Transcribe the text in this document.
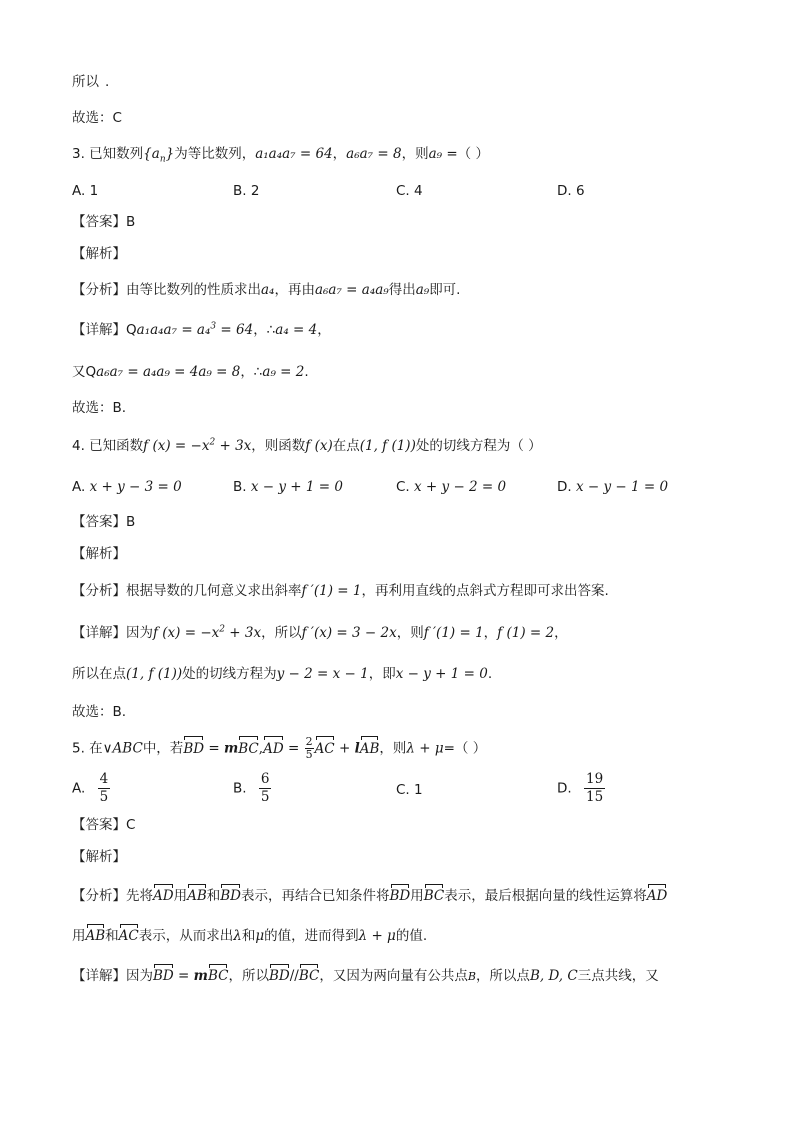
所以 .
故选：C
3. 已知数列$\{a_n\}$为等比数列，a₁a₄a₇ = 64，a₆a₇ = 8，则a₉ =（ ）
A. 1	B. 2	C. 4	D. 6
【答案】B
【解析】
【分析】由等比数列的性质求出a₄，再由a₆a₇ = a₄a₉得出a₉即可.
【详解】Qa₁a₄a₇ = a₄$^3$ = 64，∴a₄ = 4，
又Qa₆a₇ = a₄a₉ = 4a₉ = 8，∴a₉ = 2.
故选：B.
4. 已知函数f $(x) = -x^2 + 3x$，则函数f (x)在点(1, f (1))处的切线方程为（ ）
A. x + y − 3 = 0	B. x − y + 1 = 0	C. x + y − 2 = 0	D. x − y − 1 = 0
【答案】B
【解析】
【分析】根据导数的几何意义求出斜率f ′(1) = 1，再利用直线的点斜式方程即可求出答案.
【详解】因为f $(x) = -x^2 + 3x$，所以f ′(x) = 3 − 2x，则f ′(1) = 1，f (1) = 2，
所以在点(1, f (1))处的切线方程为y − 2 = x − 1，即x − y + 1 = 0.
故选：B.
5. 在∨ABC中，若BD = $mBC,AD = \frac{2}{5}$ AC + lAB，则λ + μ=（ ）
A. $\frac{4}{5}$	B. $\frac{6}{5}$	C. 1	D. $\frac{19}{15}$
【答案】C
【解析】
【分析】先将AD用AB和BD表示，再结合已知条件将BD用BC表示，最后根据向量的线性运算将AD
用AB和AC表示，从而求出λ和μ的值，进而得到λ + μ的值.
【详解】因为BD = mBC，所以BD//BC，又因为两向量有公共点B，所以点B, D, C三点共线，又
